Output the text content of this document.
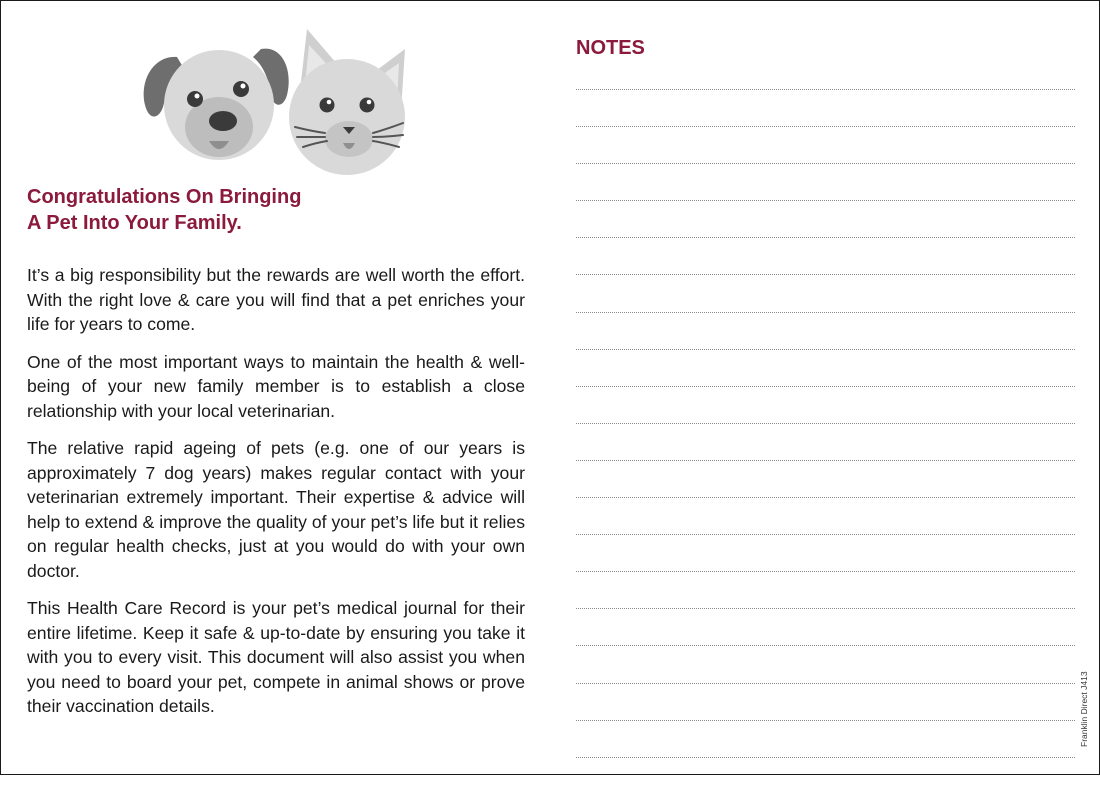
Congratulations On Bringing
A Pet Into Your Family.

It’s a big responsibility but the rewards are well worth the effort. With the right love & care you will find that a pet enriches your life for years to come.

One of the most important ways to maintain the health & well-being of your new family member is to establish a close relationship with your local veterinarian.

The relative rapid ageing of pets (e.g. one of our years is approximately 7 dog years) makes regular contact with your veterinarian extremely important. Their expertise & advice will help to extend & improve the quality of your pet’s life but it relies on regular health checks, just at you would do with your own doctor.

This Health Care Record is your pet’s medical journal for their entire lifetime. Keep it safe & up-to-date by ensuring you take it with you to every visit. This document will also assist you when you need to board your pet, compete in animal shows or prove their vaccination details.

NOTES
Franklin Direct J413
